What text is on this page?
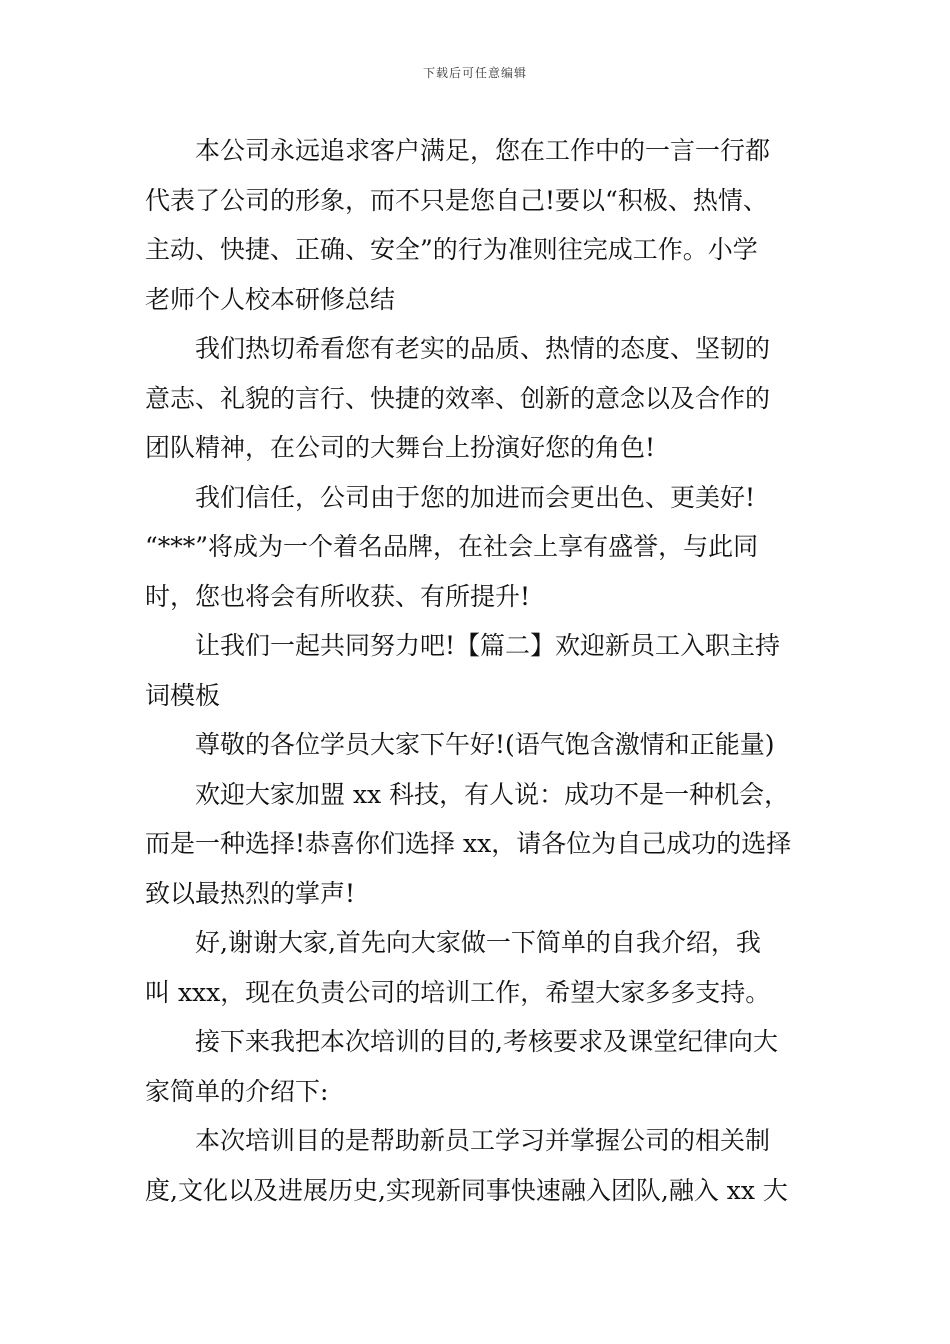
下载后可任意编辑

本公司永远追求客户满足，您在工作中的一言一行都

代表了公司的形象，而不只是您自己!要以“积极、热情、

主动、快捷、正确、安全”的行为准则往完成工作。小学

老师个人校本研修总结

我们热切希看您有老实的品质、热情的态度、坚韧的

意志、礼貌的言行、快捷的效率、创新的意念以及合作的

团队精神，在公司的大舞台上扮演好您的角色!

我们信任，公司由于您的加进而会更出色、更美好!

“***”将成为一个着名品牌，在社会上享有盛誉，与此同

时，您也将会有所收获、有所提升!

让我们一起共同努力吧!【篇二】欢迎新员工入职主持

词模板

尊敬的各位学员大家下午好!(语气饱含激情和正能量)

欢迎大家加盟 xx 科技，有人说：成功不是一种机会，

而是一种选择!恭喜你们选择 xx，请各位为自己成功的选择

致以最热烈的掌声!

好,谢谢大家,首先向大家做一下简单的自我介绍，我

叫 xxx，现在负责公司的培训工作，希望大家多多支持。

接下来我把本次培训的目的,考核要求及课堂纪律向大

家简单的介绍下:

本次培训目的是帮助新员工学习并掌握公司的相关制

度,文化以及进展历史,实现新同事快速融入团队,融入 xx 大
